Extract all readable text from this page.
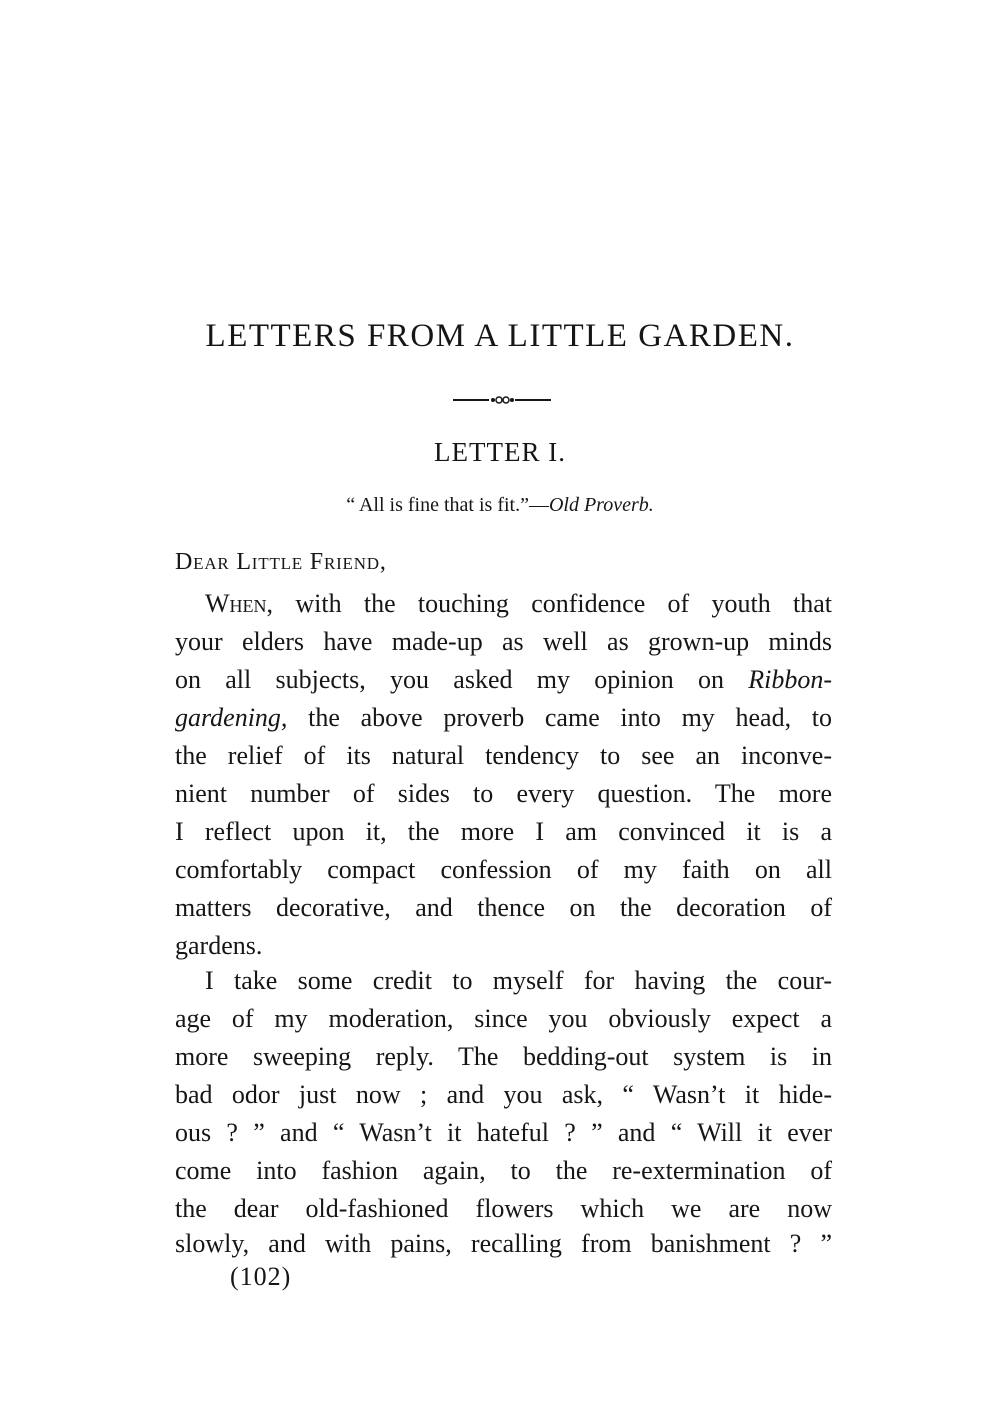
LETTERS FROM A LITTLE GARDEN.
LETTER I.

“ All is fine that is fit.”—Old Proverb.

Dear Little Friend,

When, with the touching confidence of youth that

your elders have made-up as well as grown-up minds

on all subjects, you asked my opinion on Ribbon-

gardening, the above proverb came into my head, to

the relief of its natural tendency to see an inconve-

nient number of sides to every question. The more

I reflect upon it, the more I am convinced it is a

comfortably compact confession of my faith on all

matters decorative, and thence on the decoration of

gardens.

I take some credit to myself for having the cour-

age of my moderation, since you obviously expect a

more sweeping reply. The bedding-out system is in

bad odor just now ; and you ask, “ Wasn’t it hide-

ous ? ” and “ Wasn’t it hateful ? ” and “ Will it ever

come into fashion again, to the re-extermination of

the dear old-fashioned flowers which we are now

slowly, and with pains, recalling from banishment ? ”

(102)
